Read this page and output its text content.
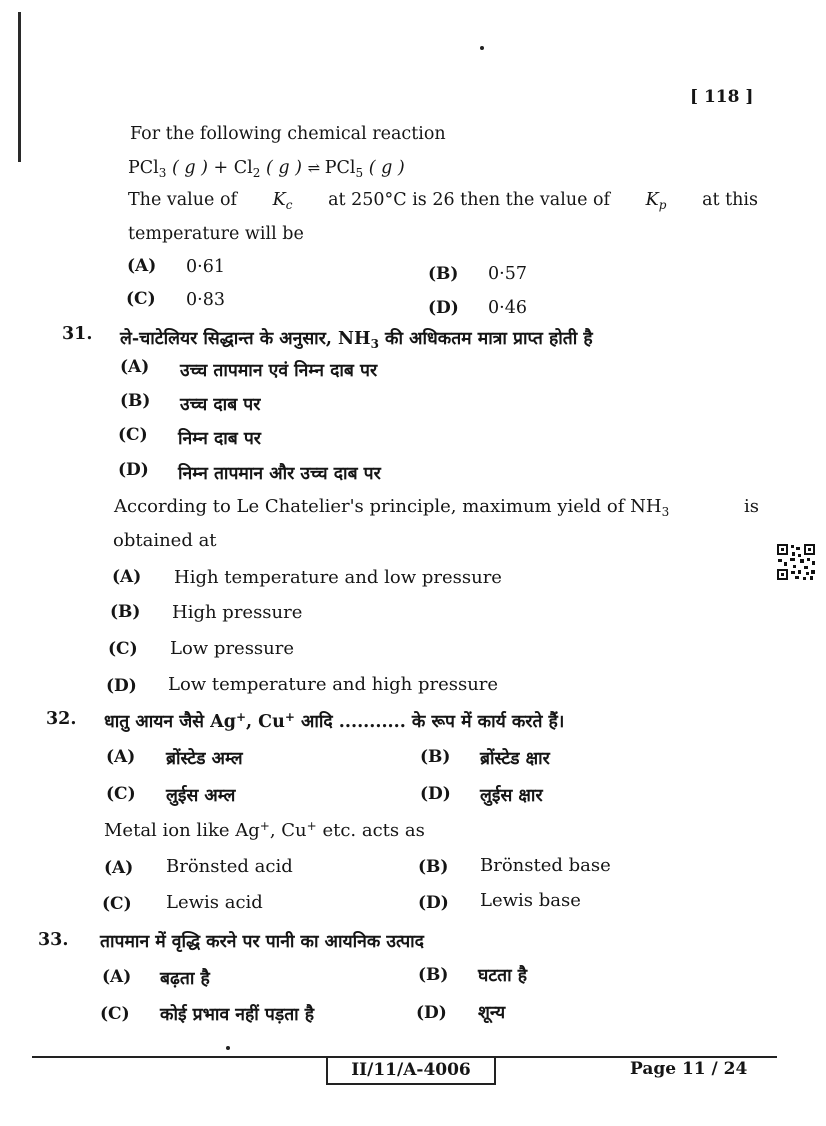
[ 118 ]
For the following chemical reaction
PCl$_3$ ( g ) + $Cl_2$ ( g ) ⇌ PCl$_5$ ( g )
The value of $K_c$ at 250°C is 26 then the value of $K_p$ at this
temperature will be
(A) 0·61	(B) 0·57
(C) 0·83	(D) 0·46
31. ले-चाटेलियर सिद्धान्त के अनुसार, $NH_3$ की अधिकतम मात्रा प्राप्त होती है
(A) उच्च तापमान एवं निम्न दाब पर
(B) उच्च दाब पर
(C) निम्न दाब पर
(D) निम्न तापमान और उच्च दाब पर
According to Le Chatelier's principle, maximum yield of $NH_3$	is
obtained at
(A) High temperature and low pressure
(B) High pressure
(C) Low pressure
(D) Low temperature and high pressure
32. धातु आयन जैसे Ag+, Cu+ आदि ........... के रूप में कार्य करते हैं।
(A) ब्रोंस्टेड अम्ल	(B) ब्रोंस्टेड क्षार
(C) लुईस अम्ल	(D) लुईस क्षार
Metal ion like Ag+, Cu+ etc. acts as
(A) Brönsted acid	(B) Brönsted base
(C) Lewis acid	(D) Lewis base
33. तापमान में वृद्धि करने पर पानी का आयनिक उत्पाद
(A) बढ़ता है	(B) घटता है
(C) कोई प्रभाव नहीं पड़ता है	(D) शून्य
II/11/A-4006	Page 11 / 24
